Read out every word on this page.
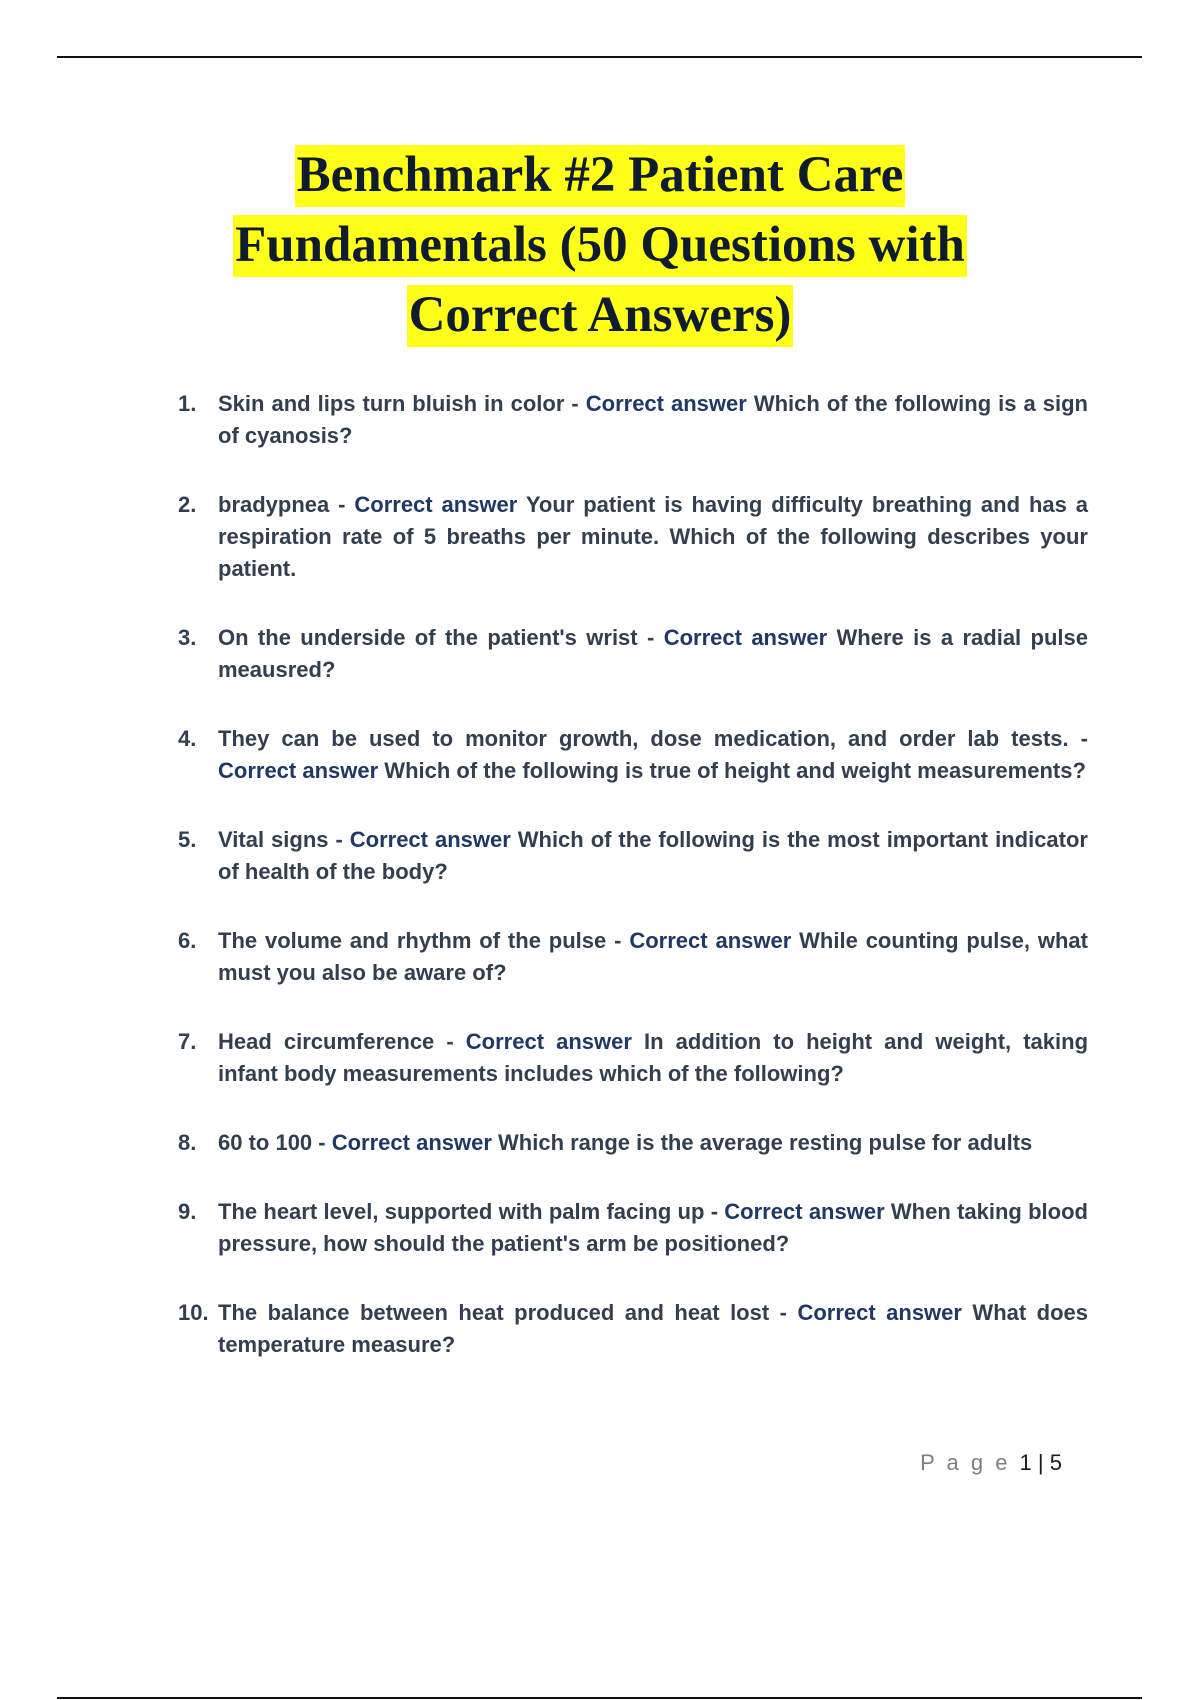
Benchmark #2 Patient Care
Fundamentals (50 Questions with
Correct Answers)
1. Skin and lips turn bluish in color - Correct answer Which of the following is a sign of cyanosis?
2. bradypnea - Correct answer Your patient is having difficulty breathing and has a respiration rate of 5 breaths per minute. Which of the following describes your patient.
3. On the underside of the patient's wrist - Correct answer Where is a radial pulse meausred?
4. They can be used to monitor growth, dose medication, and order lab tests. - Correct answer Which of the following is true of height and weight measurements?
5. Vital signs - Correct answer Which of the following is the most important indicator of health of the body?
6. The volume and rhythm of the pulse - Correct answer While counting pulse, what must you also be aware of?
7. Head circumference - Correct answer In addition to height and weight, taking infant body measurements includes which of the following?
8. 60 to 100 - Correct answer Which range is the average resting pulse for adults
9. The heart level, supported with palm facing up - Correct answer When taking blood pressure, how should the patient's arm be positioned?
10. The balance between heat produced and heat lost - Correct answer What does temperature measure?
P a g e 1 | 5
